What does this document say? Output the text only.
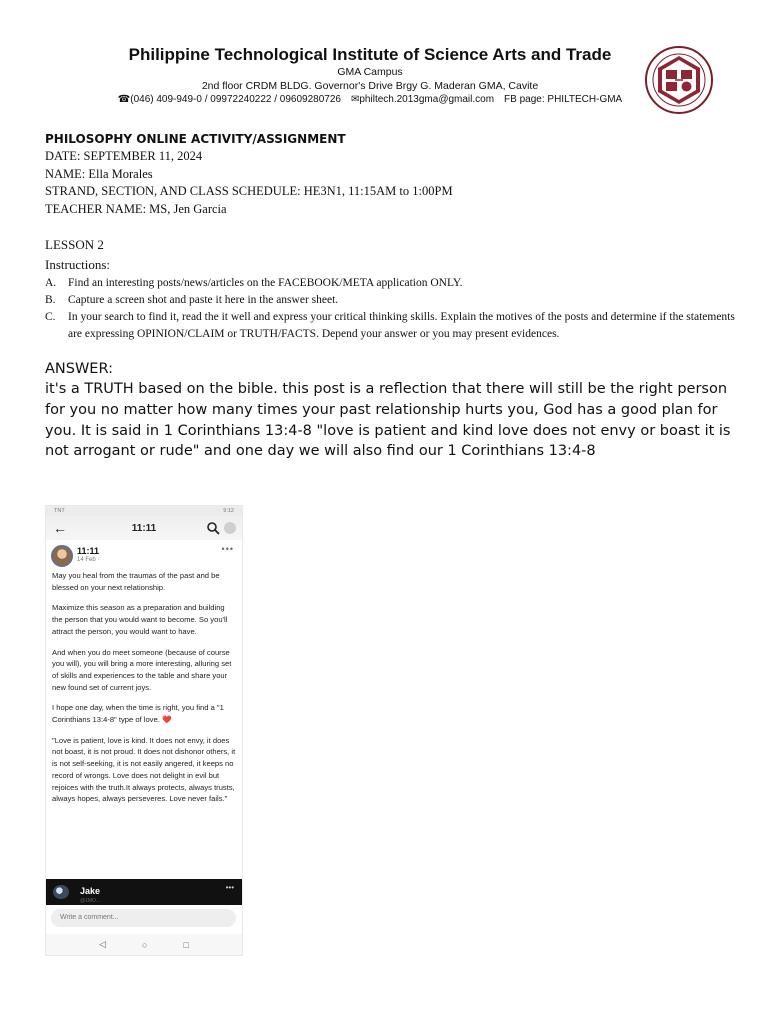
Philippine Technological Institute of Science Arts and Trade
GMA Campus
2nd floor CRDM BLDG. Governor's Drive Brgy G. Maderan GMA, Cavite
☎(046) 409-949-0 / 09972240222 / 09609280726 ✉philtech.2013gma@gmail.com FB page: PHILTECH-GMA
PHILOSOPHY ONLINE ACTIVITY/ASSIGNMENT
DATE: SEPTEMBER 11, 2024
NAME: Ella Morales
STRAND, SECTION, AND CLASS SCHEDULE: HE3N1, 11:15AM to 1:00PM
TEACHER NAME: MS, Jen Garcia
LESSON 2
Instructions:
A.	Find an interesting posts/news/articles on the FACEBOOK/META application ONLY.
B.	Capture a screen shot and paste it here in the answer sheet.
C.	In your search to find it, read the it well and express your critical thinking skills. Explain the motives of the posts and determine if the statements are expressing OPINION/CLAIM or TRUTH/FACTS. Depend your answer or you may present evidences.
ANSWER:
it's a TRUTH based on the bible. this post is a reflection that there will still be the right person for you no matter how many times your past relationship hurts you, God has a good plan for you. It is said in 1 Corinthians 13:4-8 "love is patient and kind love does not envy or boast it is not arrogant or rude" and one day we will also find our 1 Corinthians 13:4-8
TNT	9:12
←	11:11
11:11
14 Feb ·
•••

May you heal from the traumas of the past and be blessed on your next relationship.

Maximize this season as a preparation and building the person that you would want to become. So you'll attract the person, you would want to have.

And when you do meet someone (because of course you will), you will bring a more interesting, alluring set of skills and experiences to the table and share your new found set of current joys.

I hope one day, when the time is right, you find a "1 Corinthians 13:4-8" type of love. ❤️

"Love is patient, love is kind. It does not envy, it does not boast, it is not proud. It does not dishonor others, it is not self-seeking, it is not easily angered, it keeps no record of wrongs. Love does not delight in evil but rejoices with the truth.It always protects, always trusts, always hopes, always perseveres. Love never fails."

Jake
@1MO...
•••
Write a comment...
◁	○	□
